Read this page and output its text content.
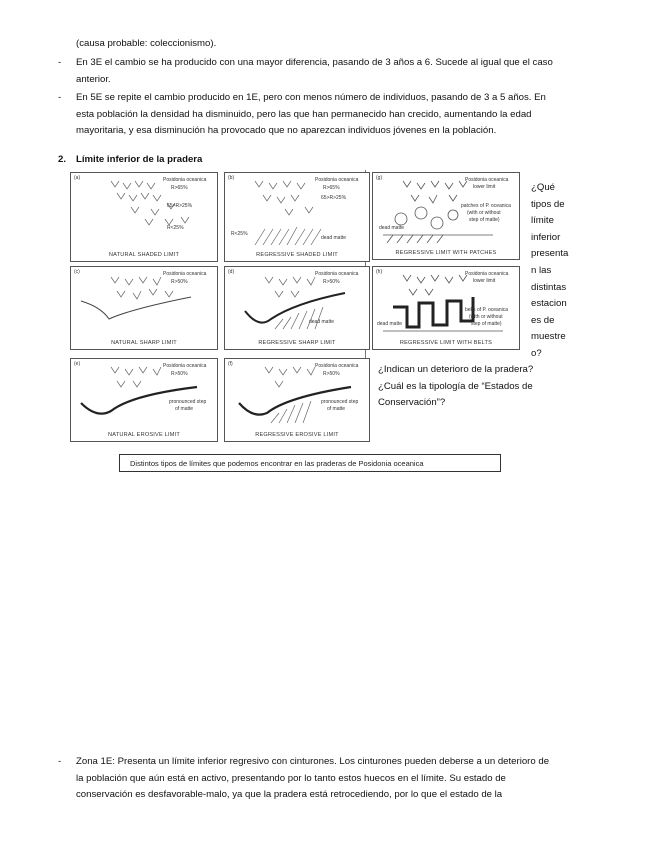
(causa probable: coleccionismo).
- En 3E el cambio se ha producido con una mayor diferencia, pasando de 3 años a 6. Sucede al igual que el caso
anterior.
- En 5E se repite el cambio producido en 1E, pero con menos número de individuos, pasando de 3 a 5 años. En
esta población la densidad ha disminuido, pero las que han permanecido han crecido, aumentando la edad
mayoritaria, y esa disminución ha provocado que no aparezcan individuos jóvenes en la población.
2. Límite inferior de la pradera
(a)	Posidonia oceanica
R>65%
65>R>25%
R<25%
NATURAL SHADED LIMIT
(b)	Posidonia oceanica
R>65%
65>R>25%
R<25%
dead matte
REGRESSIVE SHADED LIMIT
(g)	Posidonia oceanica
lower limit
patches of P. oceanica
(with or without
step of matte)
dead matte
REGRESSIVE LIMIT WITH PATCHES
(c)	Posidonia oceanica
R>50%
NATURAL SHARP LIMIT
(d)	Posidonia oceanica
R>50%
dead matte
REGRESSIVE SHARP LIMIT
(h)	Posidonia oceanica
lower limit
belts of P. oceanica
(with or without
step of matte)
dead matte
REGRESSIVE LIMIT WITH BELTS
(e)	Posidonia oceanica
R>50%
pronounced step
of matte
NATURAL EROSIVE LIMIT
(f)	Posidonia oceanica
R>50%
pronounced step
of matte
REGRESSIVE EROSIVE LIMIT
¿Qué
tipos de
límite
inferior
presenta
n las
distintas
estacion
es de
muestre
o?
¿Indican un deterioro de la pradera?
¿Cuál es la tipología de “Estados de
Conservación”?
Distintos tipos de límites que podemos encontrar en las praderas de Posidonia oceanica
- Zona 1E: Presenta un límite inferior regresivo con cinturones. Los cinturones pueden deberse a un deterioro de
la población que aún está en activo, presentando por lo tanto estos huecos en el límite. Su estado de
conservación es desfavorable-malo, ya que la pradera está retrocediendo, por lo que el estado de la
